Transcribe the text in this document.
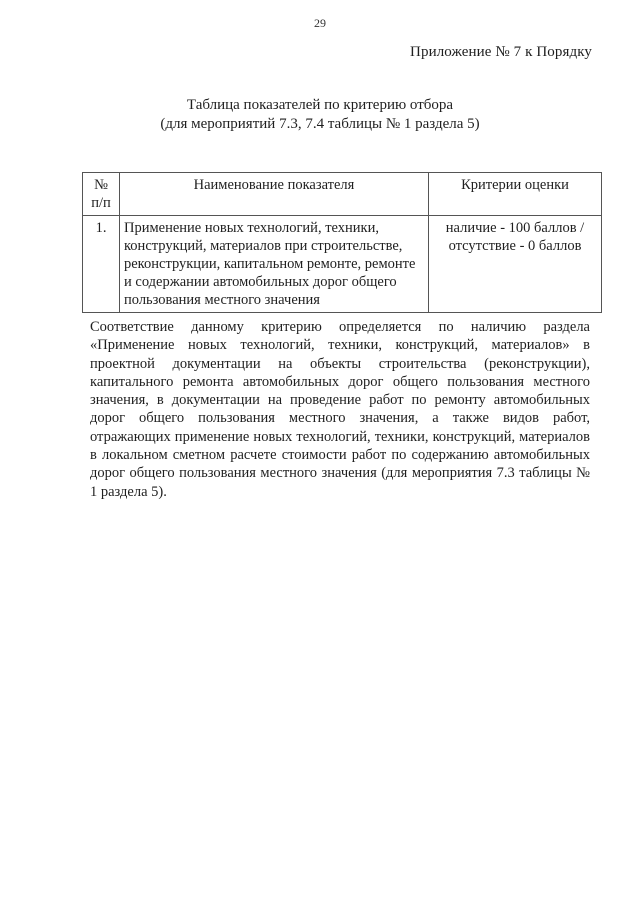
29
Приложение № 7 к Порядку
Таблица показателей по критерию отбора
(для мероприятий 7.3, 7.4 таблицы № 1 раздела 5)
№ п/п	Наименование показателя	Критерии оценки
1.	Применение новых технологий, техники, конструкций, материалов при строительстве, реконструкции, капитальном ремонте, ремонте и содержании автомобильных дорог общего пользования местного значения	наличие - 100 баллов / отсутствие - 0 баллов
Соответствие данному критерию определяется по наличию раздела «Применение новых технологий, техники, конструкций, материалов» в проектной документации на объекты строительства (реконструкции), капитального ремонта автомобильных дорог общего пользования местного значения, в документации на проведение работ по ремонту автомобильных дорог общего пользования местного значения, а также видов работ, отражающих применение новых технологий, техники, конструкций, материалов в локальном сметном расчете стоимости работ по содержанию автомобильных дорог общего пользования местного значения (для мероприятия 7.3 таблицы № 1 раздела 5).
